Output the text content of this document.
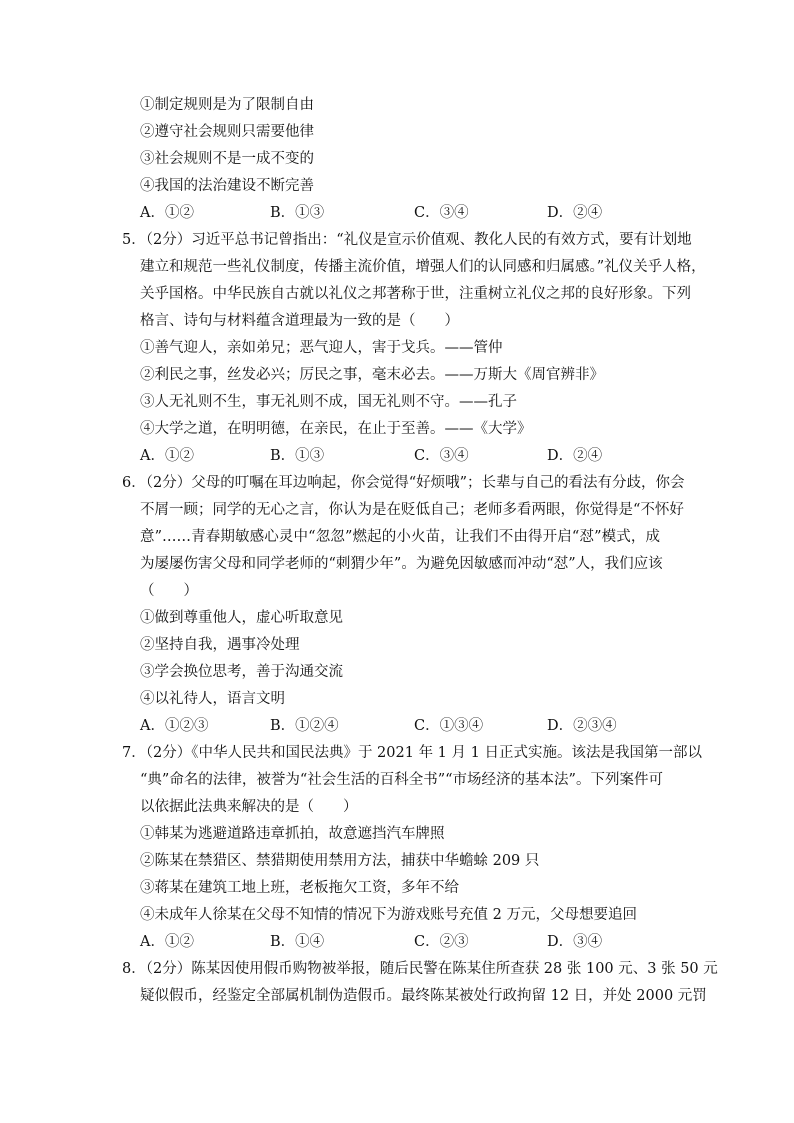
①制定规则是为了限制自由
②遵守社会规则只需要他律
③社会规则不是一成不变的
④我国的法治建设不断完善
A．①②	B．①③	C．③④	D．②④
5．（2分）习近平总书记曾指出：“礼仪是宣示价值观、教化人民的有效方式，要有计划地
建立和规范一些礼仪制度，传播主流价值，增强人们的认同感和归属感。”礼仪关乎人格，
关乎国格。中华民族自古就以礼仪之邦著称于世，注重树立礼仪之邦的良好形象。下列
格言、诗句与材料蕴含道理最为一致的是（　　）
①善气迎人，亲如弟兄；恶气迎人，害于戈兵。——管仲
②利民之事，丝发必兴；厉民之事，毫末必去。——万斯大《周官辨非》
③人无礼则不生，事无礼则不成，国无礼则不守。——孔子
④大学之道，在明明德，在亲民，在止于至善。——《大学》
A．①②	B．①③	C．③④	D．②④
6．（2分）父母的叮嘱在耳边响起，你会觉得“好烦哦”；长辈与自己的看法有分歧，你会
不屑一顾；同学的无心之言，你认为是在贬低自己；老师多看两眼，你觉得是“不怀好
意”……青春期敏感心灵中“忽忽”燃起的小火苗，让我们不由得开启“怼”模式，成
为屡屡伤害父母和同学老师的“刺猬少年”。为避免因敏感而冲动“怼”人，我们应该
（　　）
①做到尊重他人，虚心听取意见
②坚持自我，遇事冷处理
③学会换位思考，善于沟通交流
④以礼待人，语言文明
A．①②③	B．①②④	C．①③④	D．②③④
7．（2分）《中华人民共和国民法典》于 2021 年 1 月 1 日正式实施。该法是我国第一部以
“典”命名的法律，被誉为“社会生活的百科全书”“市场经济的基本法”。下列案件可
以依据此法典来解决的是（　　）
①韩某为逃避道路违章抓拍，故意遮挡汽车牌照
②陈某在禁猎区、禁猎期使用禁用方法，捕获中华蟾蜍 209 只
③蒋某在建筑工地上班，老板拖欠工资，多年不给
④未成年人徐某在父母不知情的情况下为游戏账号充值 2 万元，父母想要追回
A．①②	B．①④	C．②③	D．③④
8．（2分）陈某因使用假币购物被举报，随后民警在陈某住所查获 28 张 100 元、3 张 50 元
疑似假币，经鉴定全部属机制伪造假币。最终陈某被处行政拘留 12 日，并处 2000 元罚
